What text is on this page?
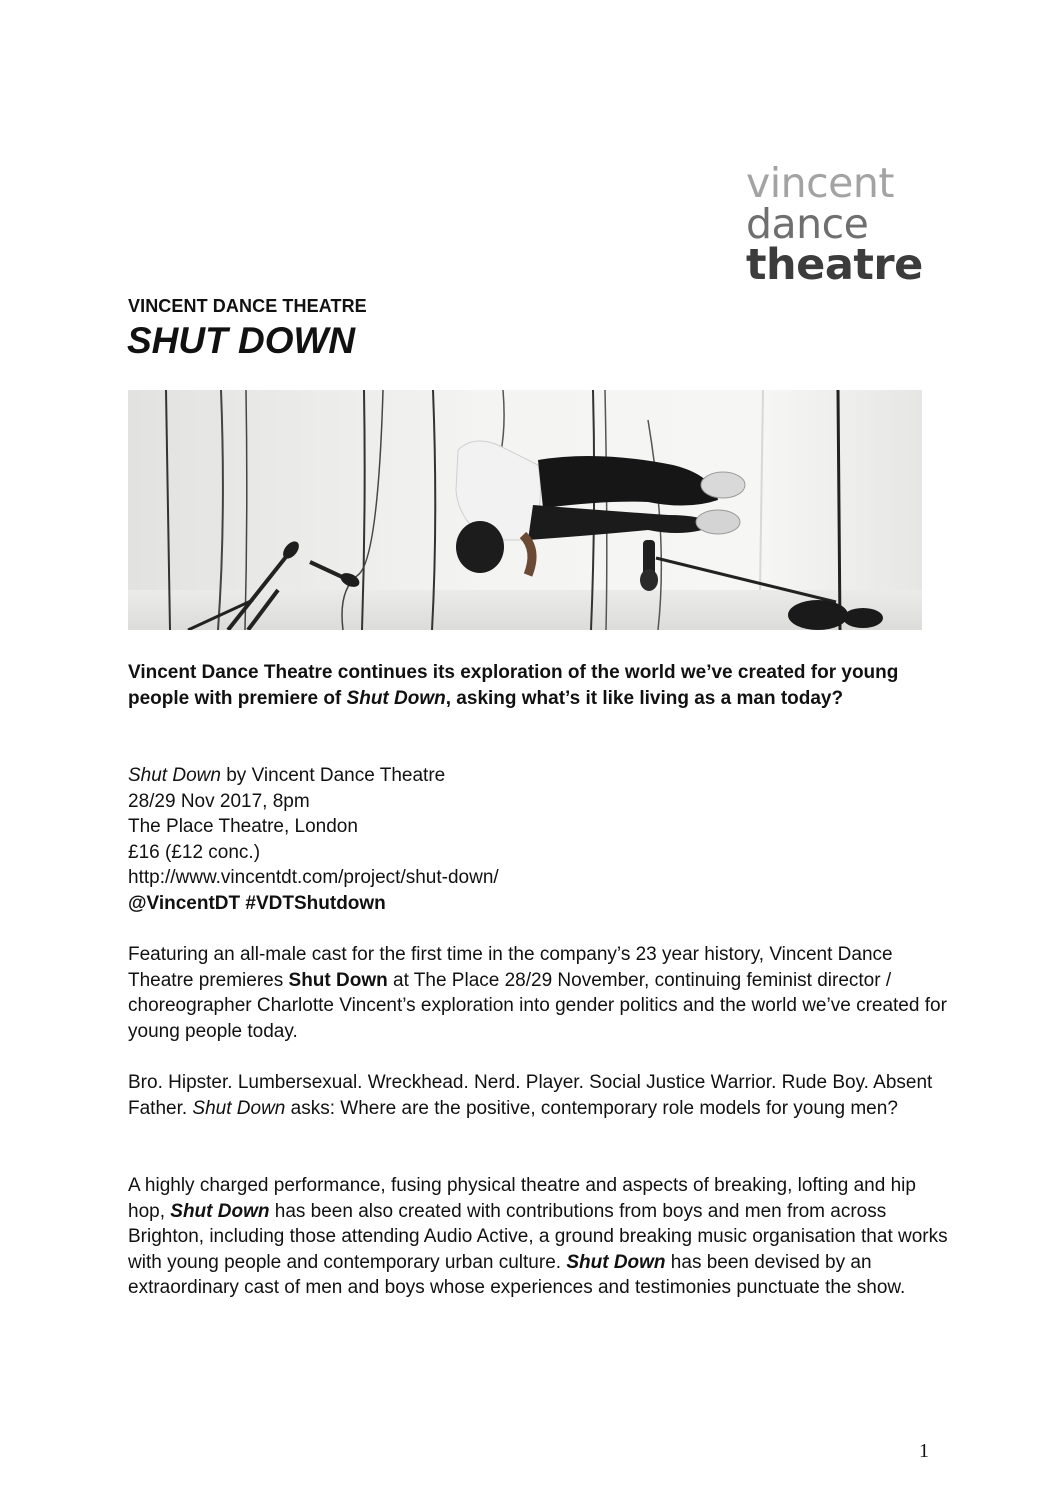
vincent
dance
theatre
VINCENT DANCE THEATRE
SHUT DOWN
Vincent Dance Theatre continues its exploration of the world we’ve created for young people with premiere of Shut Down, asking what’s it like living as a man today?
Shut Down by Vincent Dance Theatre
28/29 Nov 2017, 8pm
The Place Theatre, London
£16 (£12 conc.)
http://www.vincentdt.com/project/shut-down/
@VincentDT #VDTShutdown
Featuring an all-male cast for the first time in the company’s 23 year history, Vincent Dance Theatre premieres Shut Down at The Place 28/29 November, continuing feminist director / choreographer Charlotte Vincent’s exploration into gender politics and the world we’ve created for young people today.
Bro. Hipster. Lumbersexual. Wreckhead. Nerd. Player. Social Justice Warrior. Rude Boy. Absent Father. Shut Down asks: Where are the positive, contemporary role models for young men?
A highly charged performance, fusing physical theatre and aspects of breaking, lofting and hip hop, Shut Down has been also created with contributions from boys and men from across Brighton, including those attending Audio Active, a ground breaking music organisation that works with young people and contemporary urban culture. Shut Down has been devised by an extraordinary cast of men and boys whose experiences and testimonies punctuate the show.
1
